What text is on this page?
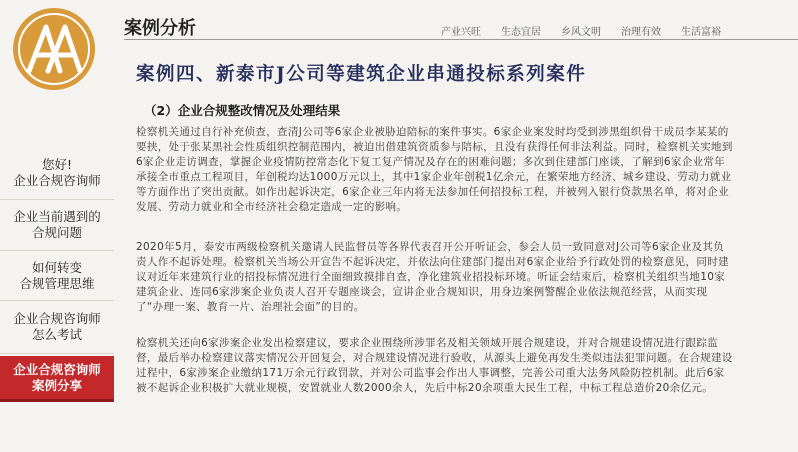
您好!
企业合规咨询师
企业当前遇到的
合规问题
如何转变
合规管理思维
企业合规咨询师
怎么考试
企业合规咨询师
案例分享
案例分析	产业兴旺 生态宜居 乡风文明 治理有效 生活富裕
案例四、新泰市J公司等建筑企业串通投标系列案件
（2）企业合规整改情况及处理结果

检察机关通过自行补充侦查，查清J公司等6家企业被胁迫陪标的案件事实。6家企业案发时均受到涉黑组织骨干成员李某某的要挟，处于张某黑社会性质组织控制范围内，被迫出借建筑资质参与陪标，且没有获得任何非法利益。同时，检察机关实地到6家企业走访调查，掌握企业疫情防控常态化下复工复产情况及存在的困难问题；多次到住建部门座谈，了解到6家企业常年承接全市重点工程项目，年创税均达1000万元以上，其中1家企业年创税1亿余元，在繁荣地方经济、城乡建设、劳动力就业等方面作出了突出贡献。如作出起诉决定，6家企业三年内将无法参加任何招投标工程，并被列入银行贷款黑名单，将对企业发展、劳动力就业和全市经济社会稳定造成一定的影响。

2020年5月，泰安市两级检察机关邀请人民监督员等各界代表召开公开听证会，参会人员一致同意对J公司等6家企业及其负责人作不起诉处理。检察机关当场公开宣告不起诉决定，并依法向住建部门提出对6家企业给予行政处罚的检察意见，同时建议对近年来建筑行业的招投标情况进行全面细致摸排自查，净化建筑业招投标环境。听证会结束后，检察机关组织当地10家建筑企业、连同6家涉案企业负责人召开专题座谈会，宣讲企业合规知识，用身边案例警醒企业依法规范经营，从而实现了“办理一案、教育一片、治理社会面”的目的。

检察机关还向6家涉案企业发出检察建议，要求企业围绕所涉罪名及相关领域开展合规建设，并对合规建设情况进行跟踪监督，最后举办检察建议落实情况公开回复会，对合规建设情况进行验收，从源头上避免再发生类似违法犯罪问题。在合规建设过程中，6家涉案企业缴纳171万余元行政罚款，并对公司监事会作出人事调整，完善公司重大法务风险防控机制。此后6家被不起诉企业积极扩大就业规模，安置就业人数2000余人，先后中标20余项重大民生工程，中标工程总造价20余亿元。
